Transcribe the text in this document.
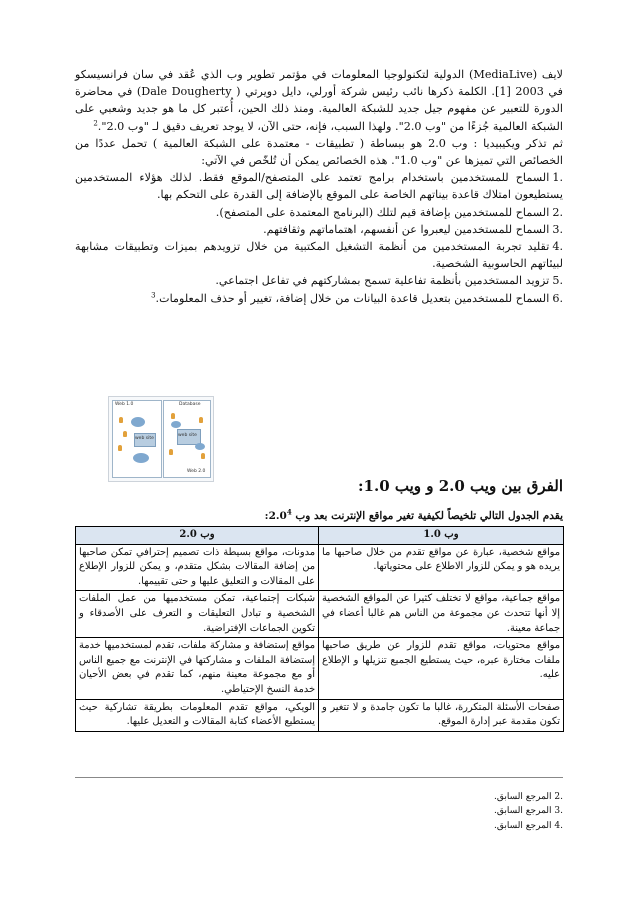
لايف (MediaLive) الدولية لتكنولوجيا المعلومات في مؤتمر تطوير وب الذي عُقد في سان فرانسيسكو في 2003 [1]. الكلمة ذكرها نائب رئيس شركة أورلي، دايل دويرتي ( Dale Dougherty) في محاضرة الدورة للتعبير عن مفهوم جيل جديد للشبكة العالمية. ومنذ ذلك الحين، أُعتبر كل ما هو جديد وشعبي على الشبكة العالمية جُزءًا من "وب 2.0". ولهذا السبب، فإنه، حتى الآن، لا يوجد تعريف دقيق لـ "وب 2.0".$^2$

ثم تذكر ويكيبيديا : وب 2.0 هو ببساطة ( تطبيقات - معتمدة على الشبكة العالمية ) تحمل عددًا من الخصائص التي تميزها عن "وب 1.0". هذه الخصائص يمكن أن تُلخّص في الآتي:

.1السماح للمستخدمين باستخدام برامج تعتمد على المتصفح/الموقع فقط. لذلك هؤلاء المستخدمين يستطيعون امتلاك قاعدة بيناتهم الخاصة على الموقع بالإضافة إلى القدرة على التحكم بها.
.2السماح للمستخدمين بإضافة قيم لتلك (البرنامج المعتمدة على المتصفح).
.3السماح للمستخدمين ليعبروا عن أنفسهم، اهتماماتهم وثقافتهم.
.4تقليد تجربة المستخدمين من أنظمة التشغيل المكتبية من خلال تزويدهم بميزات وتطبيقات مشابهة لبيئاتهم الحاسوبية الشخصية.
.5تزويد المستخدمين بأنظمة تفاعلية تسمح بمشاركتهم في تفاعل اجتماعي.
.6السماح للمستخدمين بتعديل قاعدة البيانات من خلال إضافة، تغيير أو حذف المعلومات.$^3$
Web 1.0	Database
Web 2.0
web site
web site
الفرق بين ويب 2.0 و ويب 1.0:
يقدم الجدول التالي تلخيصاً لكيفية تغير مواقع الإنترنت بعد وب $2.0^4$:
وب 1.0	وب 2.0
مواقع شخصية، عبارة عن مواقع تقدم من خلال صاحبها ما يريده هو و يمكن للزوار الاطلاع على محتوياتها.	مدونات، مواقع بسيطة ذات تصميم إحترافي تمكن صاحبها من إضافة المقالات بشكل متقدم، و يمكن للزوار الإطلاع على المقالات و التعليق عليها و حتى تقييمها.
مواقع جماعية، مواقع لا تختلف كثيرا عن المواقع الشخصية إلا أنها تتحدث عن مجموعة من الناس هم غالبا أعضاء في جماعة معينة.	شبكات إجتماعية، تمكن مستخدميها من عمل الملفات الشخصية و تبادل التعليقات و التعرف على الأصدقاء و تكوين الجماعات الإفتراضية.
مواقع محتويات، مواقع تقدم للزوار عن طريق صاحبها ملفات مختارة عبره، حيث يستطيع الجميع تنزيلها و الإطلاع عليه.	مواقع إستضافة و مشاركة ملفات، تقدم لمستخدميها خدمة إستضافة الملفات و مشاركتها في الإنترنت مع جميع الناس أو مع مجموعة معينة منهم، كما تقدم في بعض الأحيان خدمة النسخ الإحتياطي.
صفحات الأسئلة المتكررة، غالبا ما تكون جامدة و لا تتغير و تكون مقدمة عبر إدارة الموقع.	الويكي، مواقع تقدم المعلومات بطريقة تشاركية حيث يستطيع الأعضاء كتابة المقالات و التعديل عليها.
.2 المرجع السابق.
.3 المرجع السابق.
.4 المرجع السابق.
